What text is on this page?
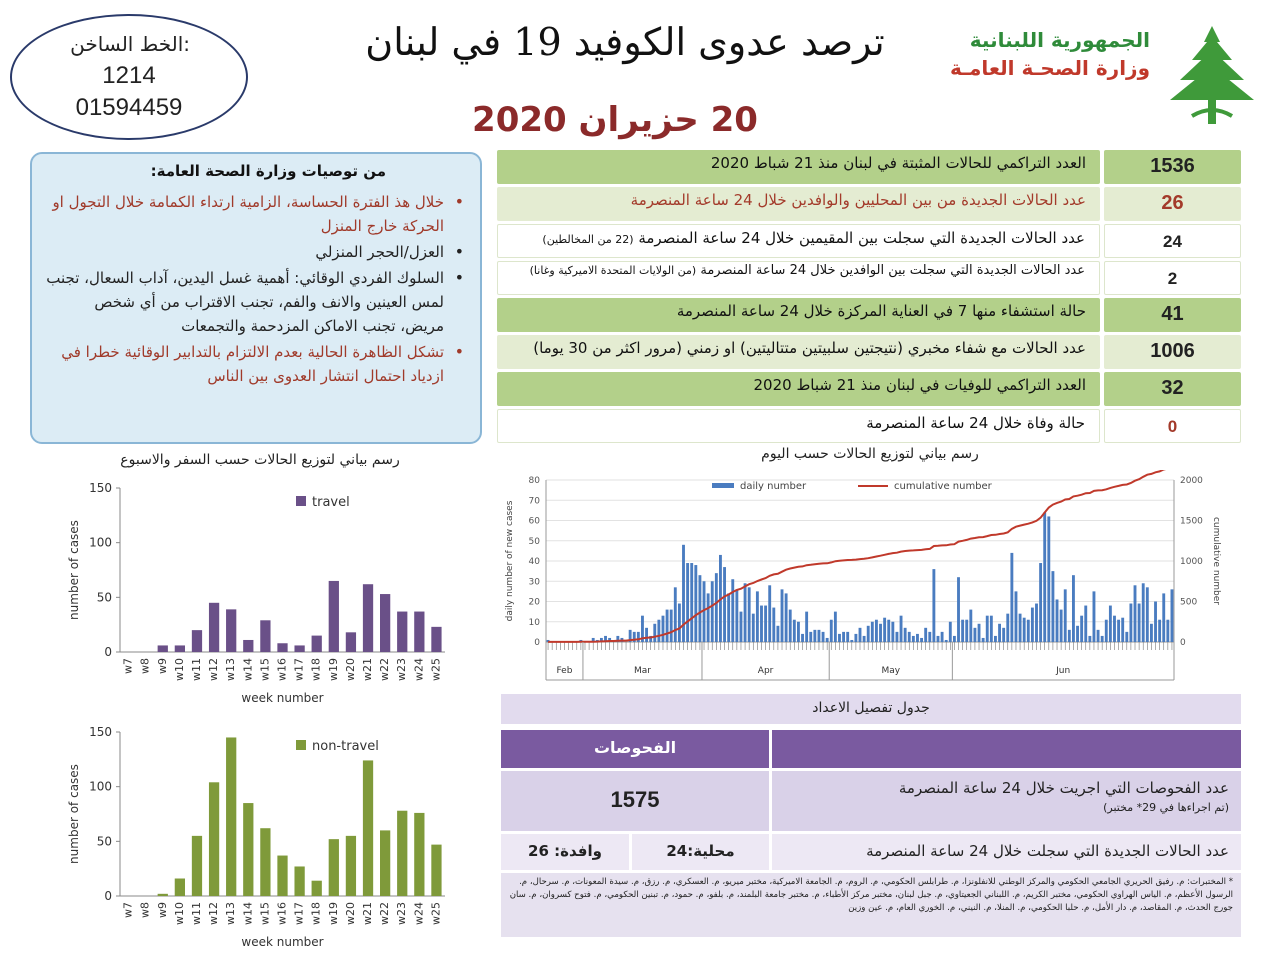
الخط الساخن:
1214
01594459
ترصد عدوى الكوفيد 19 في لبنان
20 حزيران 2020
الجمهورية اللبنانية
وزارة الصحـة العامـة
من توصيات وزارة الصحة العامة:
• خلال هذ الفترة الحساسة، الزامية ارتداء الكمامة خلال التجول او الحركة خارج المنزل
• العزل/الحجر المنزلي
• السلوك الفردي الوقائي: أهمية غسل اليدين، آداب السعال، تجنب لمس العينين والانف والفم، تجنب الاقتراب من أي شخص مريض، تجنب الاماكن المزدحمة والتجمعات
• تشكل الظاهرة الحالية بعدم الالتزام بالتدابير الوقائية خطرا في ازدياد احتمال انتشار العدوى بين الناس
العدد التراكمي للحالات المثبتة في لبنان منذ 21 شباط 2020	1536
عدد الحالات الجديدة من بين المحليين والوافدين خلال 24 ساعة المنصرمة	26
عدد الحالات الجديدة التي سجلت بين المقيمين خلال 24 ساعة المنصرمة (22 من المخالطين)	24
عدد الحالات الجديدة التي سجلت بين الوافدين خلال 24 ساعة المنصرمة (من الولايات المتحدة الاميركية وغانا)	2
حالة استشفاء منها 7 في العناية المركزة خلال 24 ساعة المنصرمة	41
عدد الحالات مع شفاء مخبري (نتيجتين سلبيتين متتاليتين) او زمني (مرور اكثر من 30 يوما)	1006
العدد التراكمي للوفيات في لبنان منذ 21 شباط 2020	32
حالة وفاة خلال 24 ساعة المنصرمة	0
رسم بياني لتوزيع الحالات حسب السفر والاسبوع	رسم بياني لتوزيع الحالات حسب اليوم
0
50
100
150
w7 w8 w9 w10 w11 w12 w13 w14 w15 w16 w17 w18 w19 w20 w21 w22 w23 w24 w25
week number
number of cases
travel
0
50
100
150
w7 w8 w9 w10 w11 w12 w13 w14 w15 w16 w17 w18 w19 w20 w21 w22 w23 w24 w25
week number
number of cases
non-travel
0
10
20
30
40
50
60
70
80
0
500
1000
1500
2000
Feb	Mar	Apr	May	Jun
daily number of new cases	cumulative number
daily number	cumulative number
جدول تفصيل الاعداد
الفحوصات
1575	عدد الفحوصات التي اجريت خلال 24 ساعة المنصرمة
(تم اجراءها في 29* مختبر)
وافدة: 26	محلية:24	عدد الحالات الجديدة التي سجلت خلال 24 ساعة المنصرمة
* المختبرات: م. رفيق الحريري الجامعي الحكومي والمركز الوطني للانفلونزا، م. طرابلس الحكومي، م. الروم، م. الجامعة الاميركية، مختبر ميريو، م. العسكري، م. رزق، م. سيدة المعونات، م. سرحال، م. الرسول الأعظم، م. الياس الهراوي الحكومي، مختبر الكريم، م. اللبناني الجعيتاوي، م. جبل لبنان، مختبر مركز الأطباء، م. مختبر جامعة البلمند، م. بلفو، م. حمود، م. تبنين الحكومي، م. فتوح كسروان، م. سان جورج الحدث، م. المقاصد، م. دار الأمل، م. حلبا الحكومي، م. المنلا، م. النيني، م. الخوري العام، م. عين وزين
